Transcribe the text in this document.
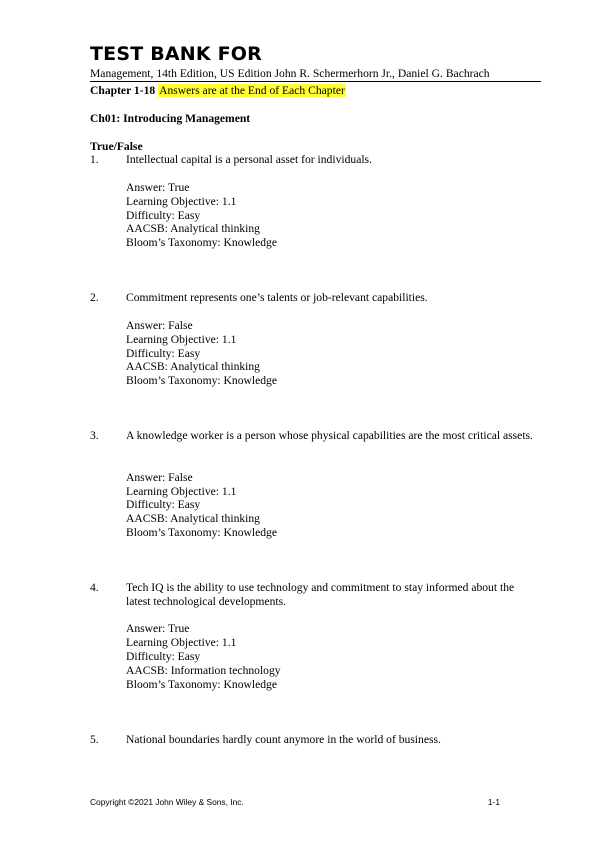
TEST BANK FOR
Management, 14th Edition, US Edition John R. Schermerhorn Jr., Daniel G. Bachrach
Chapter 1-18 Answers are at the End of Each Chapter
Ch01: Introducing Management
True/False
1. Intellectual capital is a personal asset for individuals.
Answer: True
Learning Objective: 1.1
Difficulty: Easy
AACSB: Analytical thinking
Bloom’s Taxonomy: Knowledge
2. Commitment represents one’s talents or job-relevant capabilities.
Answer: False
Learning Objective: 1.1
Difficulty: Easy
AACSB: Analytical thinking
Bloom’s Taxonomy: Knowledge
3. A knowledge worker is a person whose physical capabilities are the most critical assets.
Answer: False
Learning Objective: 1.1
Difficulty: Easy
AACSB: Analytical thinking
Bloom’s Taxonomy: Knowledge
4. Tech IQ is the ability to use technology and commitment to stay informed about the latest technological developments.
Answer: True
Learning Objective: 1.1
Difficulty: Easy
AACSB: Information technology
Bloom’s Taxonomy: Knowledge
5. National boundaries hardly count anymore in the world of business.
Copyright ©2021 John Wiley & Sons, Inc.	1-1
